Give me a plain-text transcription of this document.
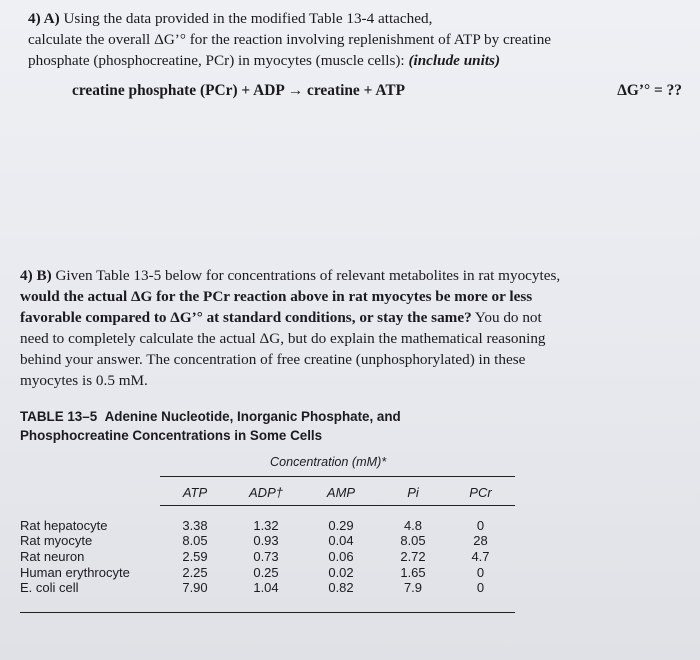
4) A) Using the data provided in the modified Table 13-4 attached,

calculate the overall ΔG’° for the reaction involving replenishment of ATP by creatine

phosphate (phosphocreatine, PCr) in myocytes (muscle cells): (include units)

creatine phosphate (PCr) + ADP → creatine + ATP	ΔG’° = ??

4) B) Given Table 13-5 below for concentrations of relevant metabolites in rat myocytes,

would the actual ΔG for the PCr reaction above in rat myocytes be more or less

favorable compared to ΔG’° at standard conditions, or stay the same? You do not

need to completely calculate the actual ΔG, but do explain the mathematical reasoning

behind your answer. The concentration of free creatine (unphosphorylated) in these

myocytes is 0.5 mM.

TABLE 13–5 Adenine Nucleotide, Inorganic Phosphate, and
Phosphocreatine Concentrations in Some Cells
Concentration (mM)*
	ATP	ADP†	AMP	Pi	PCr

Rat hepatocyte	3.38	1.32	0.29	4.8	0
Rat myocyte	8.05	0.93	0.04	8.05	28
Rat neuron	2.59	0.73	0.06	2.72	4.7
Human erythrocyte	2.25	0.25	0.02	1.65	0
E. coli cell	7.90	1.04	0.82	7.9	0
